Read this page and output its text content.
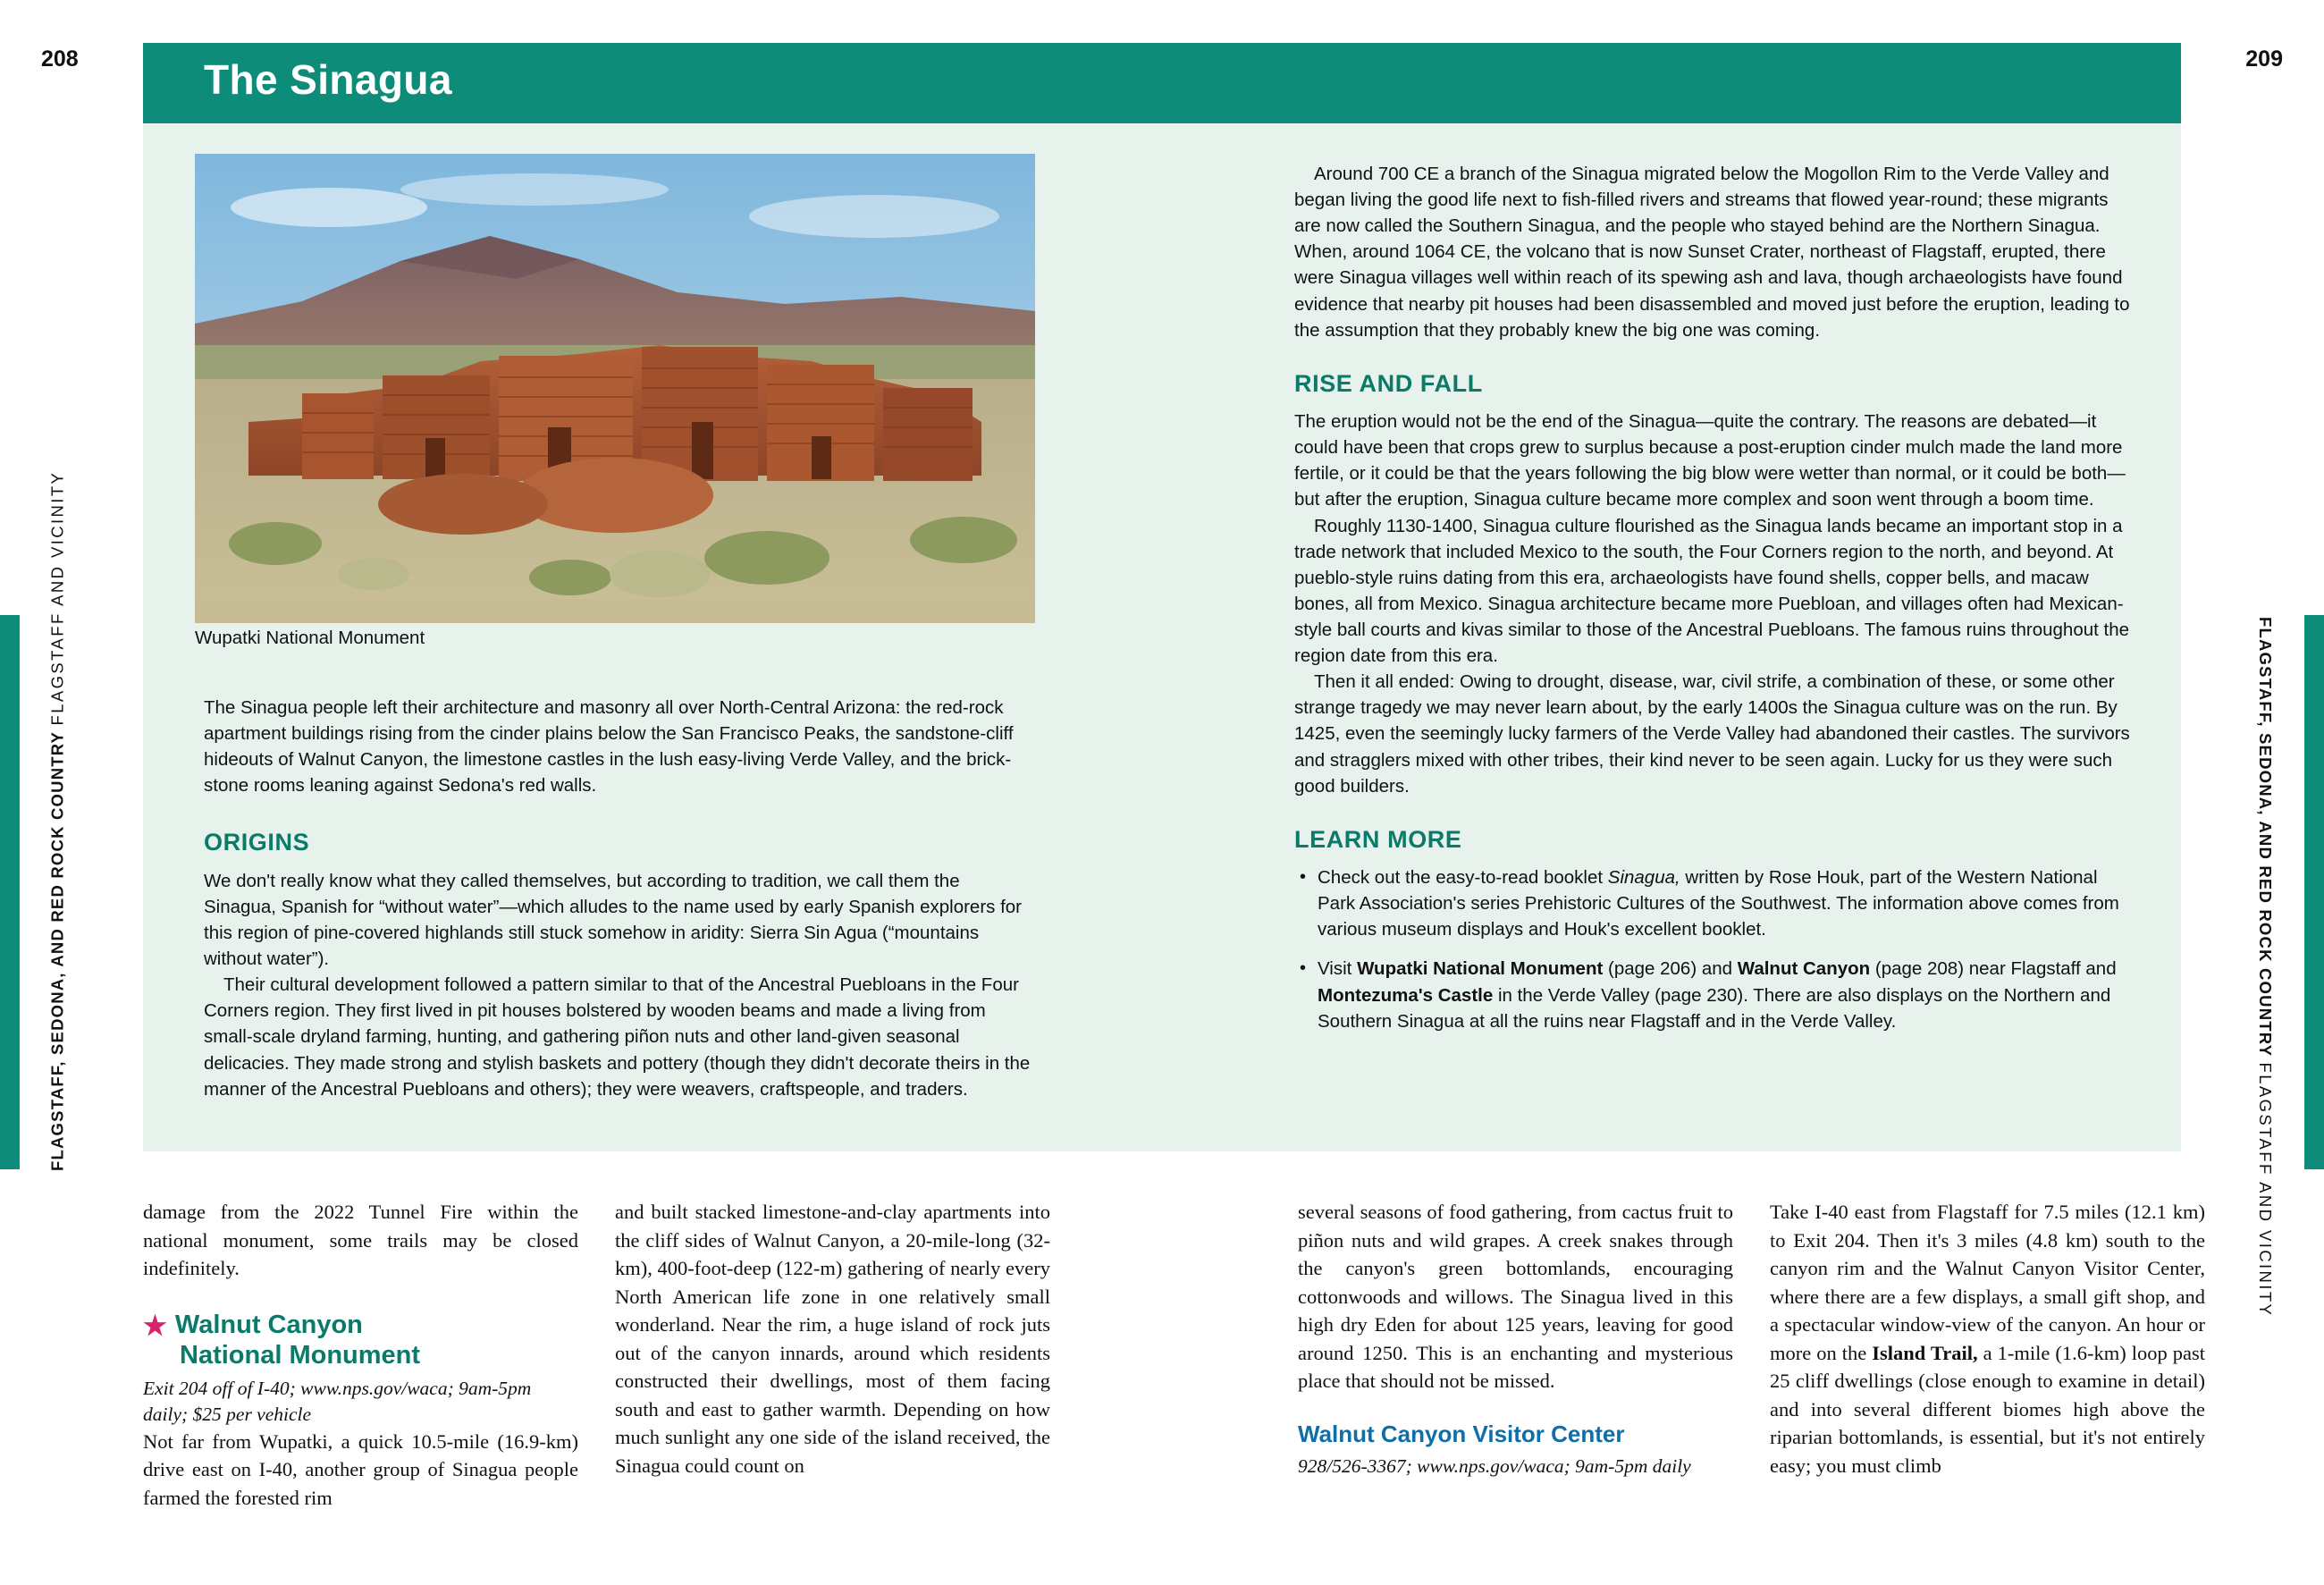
208	209
FLAGSTAFF, SEDONA, AND RED ROCK COUNTRY FLAGSTAFF AND VICINITY
FLAGSTAFF, SEDONA, AND RED ROCK COUNTRY FLAGSTAFF AND VICINITY
The Sinagua
Wupatki National Monument

The Sinagua people left their architecture and masonry all over North-Central Arizona: the red-rock apartment buildings rising from the cinder plains below the San Francisco Peaks, the sandstone-cliff hideouts of Walnut Canyon, the limestone castles in the lush easy-living Verde Valley, and the brick-stone rooms leaning against Sedona's red walls.

ORIGINS

We don't really know what they called themselves, but according to tradition, we call them the Sinagua, Spanish for “without water”—which alludes to the name used by early Spanish explorers for this region of pine-covered highlands still stuck somehow in aridity: Sierra Sin Agua (“mountains without water”).

Their cultural development followed a pattern similar to that of the Ancestral Puebloans in the Four Corners region. They first lived in pit houses bolstered by wooden beams and made a living from small-scale dryland farming, hunting, and gathering piñon nuts and other land-given seasonal delicacies. They made strong and stylish baskets and pottery (though they didn't decorate theirs in the manner of the Ancestral Puebloans and others); they were weavers, craftspeople, and traders.

Around 700 CE a branch of the Sinagua migrated below the Mogollon Rim to the Verde Valley and began living the good life next to fish-filled rivers and streams that flowed year-round; these migrants are now called the Southern Sinagua, and the people who stayed behind are the Northern Sinagua. When, around 1064 CE, the volcano that is now Sunset Crater, northeast of Flagstaff, erupted, there were Sinagua villages well within reach of its spewing ash and lava, though archaeologists have found evidence that nearby pit houses had been disassembled and moved just before the eruption, leading to the assumption that they probably knew the big one was coming.

RISE AND FALL

The eruption would not be the end of the Sinagua—quite the contrary. The reasons are debated—it could have been that crops grew to surplus because a post-eruption cinder mulch made the land more fertile, or it could be that the years following the big blow were wetter than normal, or it could be both—but after the eruption, Sinagua culture became more complex and soon went through a boom time.

Roughly 1130-1400, Sinagua culture flourished as the Sinagua lands became an important stop in a trade network that included Mexico to the south, the Four Corners region to the north, and beyond. At pueblo-style ruins dating from this era, archaeologists have found shells, copper bells, and macaw bones, all from Mexico. Sinagua architecture became more Puebloan, and villages often had Mexican-style ball courts and kivas similar to those of the Ancestral Puebloans. The famous ruins throughout the region date from this era.

Then it all ended: Owing to drought, disease, war, civil strife, a combination of these, or some other strange tragedy we may never learn about, by the early 1400s the Sinagua culture was on the run. By 1425, even the seemingly lucky farmers of the Verde Valley had abandoned their castles. The survivors and stragglers mixed with other tribes, their kind never to be seen again. Lucky for us they were such good builders.

LEARN MORE
• Check out the easy-to-read booklet Sinagua, written by Rose Houk, part of the Western National Park Association's series Prehistoric Cultures of the Southwest. The information above comes from various museum displays and Houk's excellent booklet.
• Visit Wupatki National Monument (page 206) and Walnut Canyon (page 208) near Flagstaff and Montezuma's Castle in the Verde Valley (page 230). There are also displays on the Northern and Southern Sinagua at all the ruins near Flagstaff and in the Verde Valley.

damage from the 2022 Tunnel Fire within the national monument, some trails may be closed indefinitely.

★ Walnut Canyon
National Monument

Exit 204 off of I-40; www.nps.gov/waca; 9am-5pm daily; $25 per vehicle

Not far from Wupatki, a quick 10.5-mile (16.9-km) drive east on I-40, another group of Sinagua people farmed the forested rim

and built stacked limestone-and-clay apartments into the cliff sides of Walnut Canyon, a 20-mile-long (32-km), 400-foot-deep (122-m) gathering of nearly every North American life zone in one relatively small wonderland. Near the rim, a huge island of rock juts out of the canyon innards, around which residents constructed their dwellings, most of them facing south and east to gather warmth. Depending on how much sunlight any one side of the island received, the Sinagua could count on

several seasons of food gathering, from cactus fruit to piñon nuts and wild grapes. A creek snakes through the canyon's green bottomlands, encouraging cottonwoods and willows. The Sinagua lived in this high dry Eden for about 125 years, leaving for good around 1250. This is an enchanting and mysterious place that should not be missed.

Walnut Canyon Visitor Center

928/526-3367; www.nps.gov/waca; 9am-5pm daily

Take I-40 east from Flagstaff for 7.5 miles (12.1 km) to Exit 204. Then it's 3 miles (4.8 km) south to the canyon rim and the Walnut Canyon Visitor Center, where there are a few displays, a small gift shop, and a spectacular window-view of the canyon. An hour or more on the Island Trail, a 1-mile (1.6-km) loop past 25 cliff dwellings (close enough to examine in detail) and into several different biomes high above the riparian bottomlands, is essential, but it's not entirely easy; you must climb
